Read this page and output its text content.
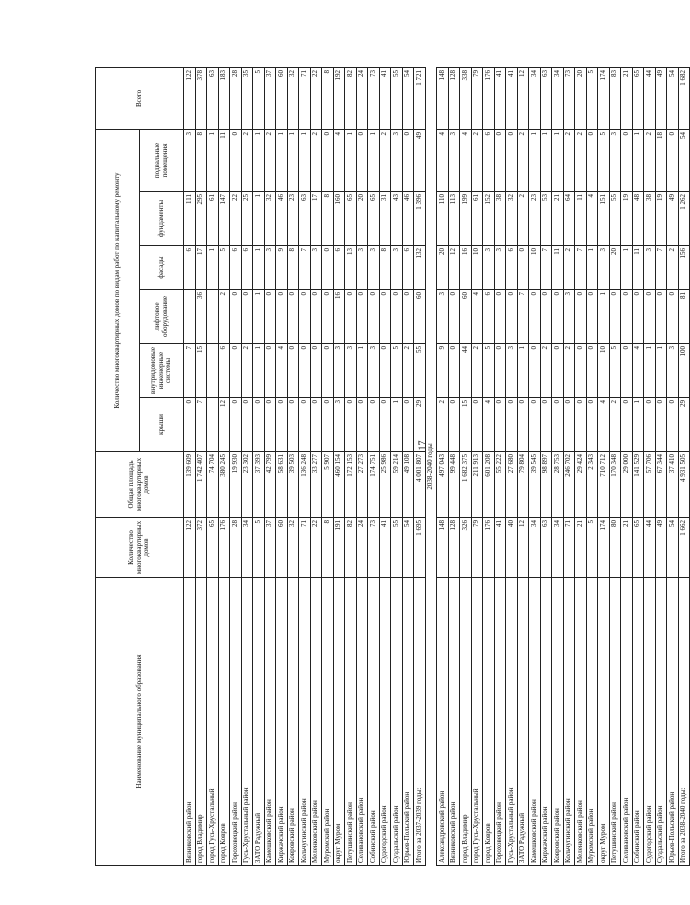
17
Наименование муниципального образования	Количество многоквартирных домов	Общая площадь многоквартирных домов	Количество многоквартирных домов по видам работ по капитальному ремонту						Всего
			крыши	внутридомовые инженерные системы	лифтовое оборудование	фасады	фундаменты	подвальные помещения	
Вязниковский район	122	139 609	0	7		6	111	3	122
город Владимир	372	1 742 407	7	15	36	17	295	8	378
город Гусь-Хрустальный	65	74 704				1	61	1	63
город Ковров	176	380 245	12	6	2	5	147	11	183
Гороховецкий район	28	19 930	0	0	0	6	22	0	28
Гусь-Хрустальный район	34	23 302	0	2	0	6	25	2	35
ЗАТО Радужный	5	37 393	0	1	1	1	1	1	5
Камешковский район	37	42 799	0	0	0	3	32	2	37
Киржачский район	60	58 631	0	4	0	9	46	1	60
Ковровский район	32	39 503	0	0	0	8	23	1	32
Кольчугинский район	71	136 248	0	0	0	7	63	1	71
Меленковский район	22	33 277	0	0	0	3	17	2	22
Муромский район	8	5 907	0	0	0	0	8	0	8
округ Муром	191	460 154	3	3	16	6	160	4	192
Петушинский район	82	172 153	0	3	0	13	65	1	82
Селивановский район	24	27 273	0	1	0	3	20	0	24
Собинский район	73	174 751	0	3	0	3	65	1	73
Судогодский район	41	25 986	0	0	0	8	31	2	41
Суздальский район	55	59 214	1	5	0	3	43	3	55
Юрьев-Польский район	54	49 108	0	2	0	6	46	0	54
Итого за 2037-2039 годы:	1 695	4 001 807	29	55	60	132	1 396	49	1 721
2038-2040 годы									
Александровский район	148	497 043	2	9	3	20	110	4	148
Вязниковский район	128	99 448	0	0	0	12	113	3	128
город Владимир	326	1 682 375	15	44	60	16	199	4	338
город Гусь-Хрустальный	79	211 913	0	2	4	10	61	2	79
город Ковров	176	601 208	4	5	6	3	152	6	176
Гороховецкий район	41	55 222	0	0	0	3	38	0	41
Гусь-Хрустальный район	40	27 680	0	3	0	6	32	0	41
ЗАТО Радужный	12	79 804	0	1	7	0	2	2	12
Камешковский район	34	39 545	0	0	0	10	23	1	34
Киржачский район	63	98 897	0	2	0	7	53	1	63
Ковровский район	34	28 753	0	0	0	11	21	1	34
Кольчугинский район	71	246 702	0	2	3	2	64	2	73
Меленковский район	21	29 424	0	0	0	7	11	2	20
Муромский район	5	2 343	0	0	0	1	4	0	5
округ Муром	174	710 712	4	10	1	3	151	5	174
Петушинский район	80	170 348	2	5	0	20	55	3	83
Селивановский район	21	29 000	0	0	0	1	19	0	21
Собинский район	65	141 529	1	4	0	11	48	1	65
Судогодский район	44	57 706	0	1	0	3	38	2	44
Суздальский район	49	67 344	0	1	0	7	19	18	49
Юрьев-Польский район	54	37 410	0	3	0	2	49	0	54
Итого за 2038-2040 годы:	1 662	4 931 505	29	100	81	156	1 262	54	1 682
